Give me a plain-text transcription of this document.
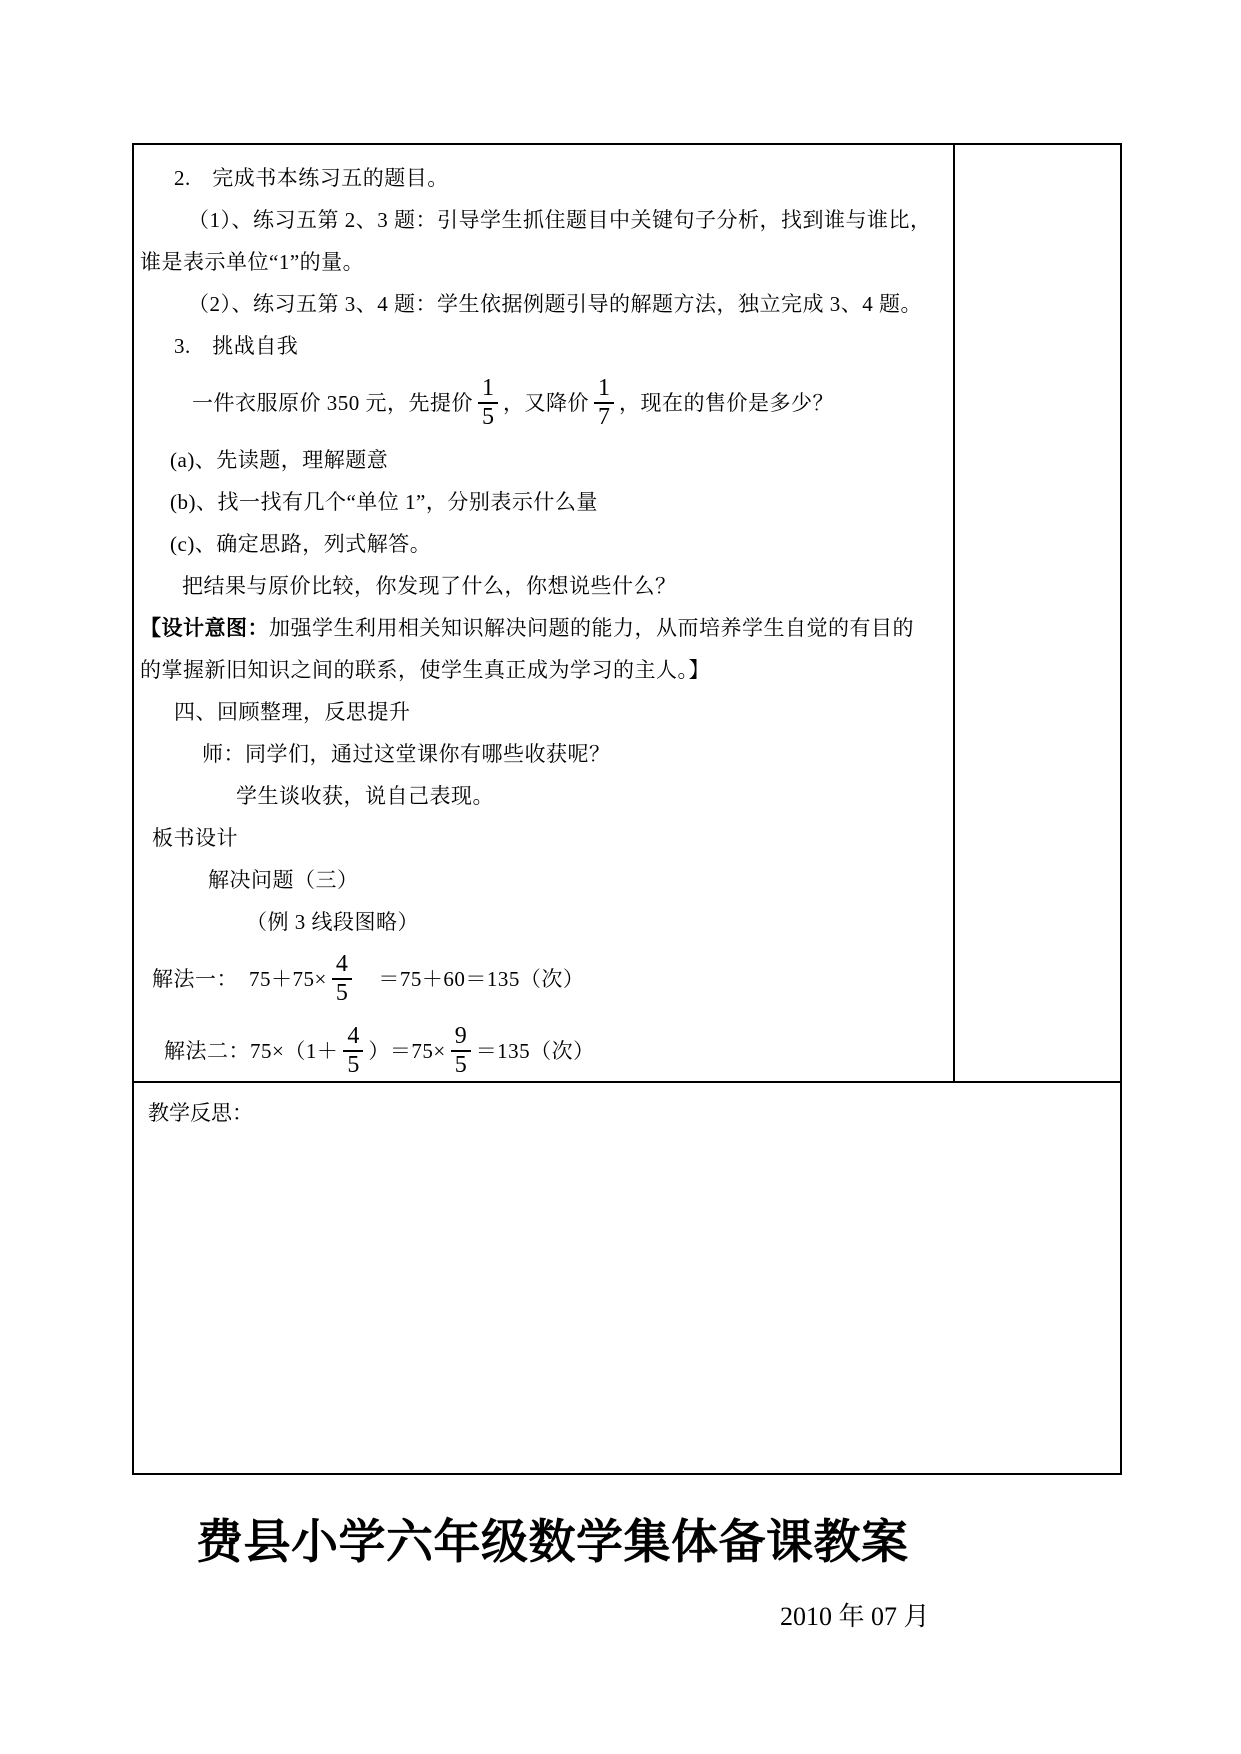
2.　完成书本练习五的题目。
（1）、练习五第 2、3 题：引导学生抓住题目中关键句子分析，找到谁与谁比，
谁是表示单位“1”的量。
（2）、练习五第 3、4 题：学生依据例题引导的解题方法，独立完成 3、4 题。
3.　挑战自我
一件衣服原价 350 元，先提价 $\frac{1}{5}$ ，又降价 $\frac{1}{7}$ ，现在的售价是多少？
(a)、先读题，理解题意
(b)、找一找有几个“单位 1”，分别表示什么量
(c)、确定思路，列式解答。
把结果与原价比较，你发现了什么，你想说些什么？
【设计意图：加强学生利用相关知识解决问题的能力，从而培养学生自觉的有目的
的掌握新旧知识之间的联系，使学生真正成为学习的主人。】
四、回顾整理，反思提升
师：同学们，通过这堂课你有哪些收获呢？
学生谈收获，说自己表现。
板书设计
解决问题（三）
（例 3 线段图略）
解法一：　$75+75\times \frac{4}{5}$ 　＝75＋60＝135（次）
解法二：$75\times(1+ \frac{4}{5} )=75\times \frac{9}{5} =135$（次）
教学反思：
费县小学六年级数学集体备课教案
2010 年 07 月
